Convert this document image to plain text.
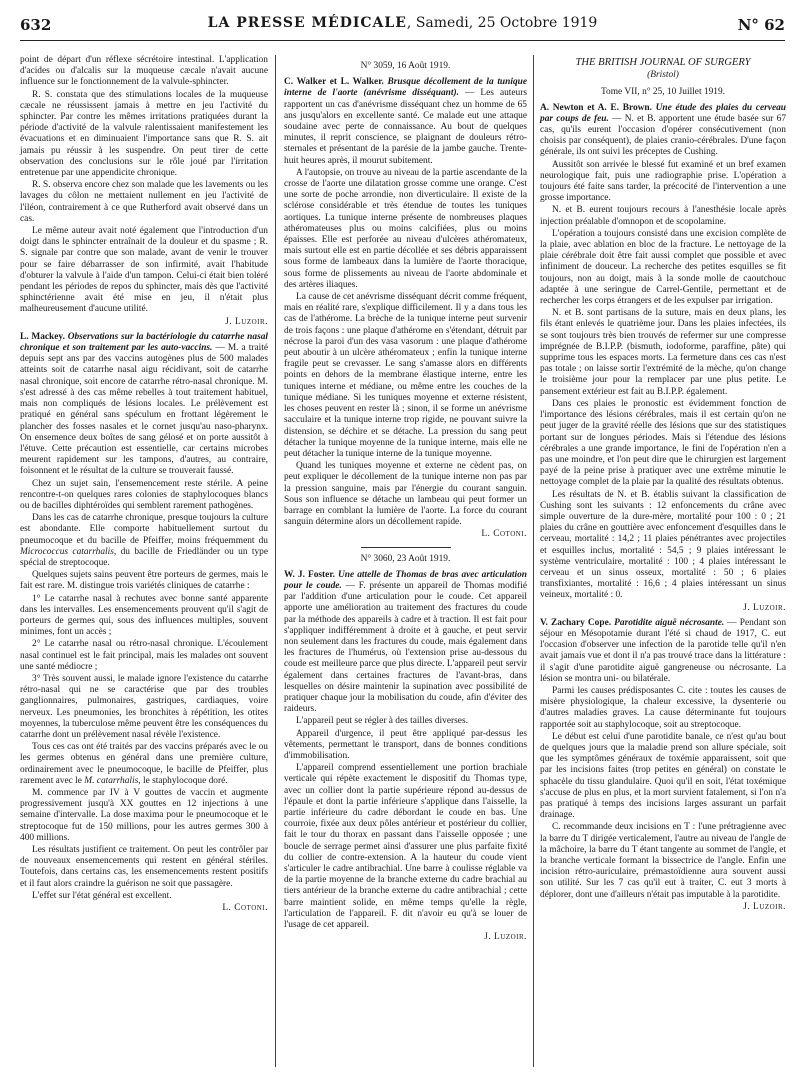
632	LA PRESSE MÉDICALE, Samedi, 25 Octobre 1919	N° 62

point de départ d'un réflexe sécrétoire intestinal. L'application d'acides ou d'alcalis sur la muqueuse cæcale n'avait aucune influence sur le fonctionnement de la valvule-sphincter.

R. S. constata que des stimulations locales de la muqueuse cæcale ne réussissent jamais à mettre en jeu l'activité du sphincter. Par contre les mêmes irritations pratiquées durant la période d'activité de la valvule ralentissaient manifestement les évacuations et en diminuaient l'importance sans que R. S. ait jamais pu réussir à les suspendre. On peut tirer de cette observation des conclusions sur le rôle joué par l'irritation entretenue par une appendicite chronique.

R. S. observa encore chez son malade que les lavements ou les lavages du côlon ne mettaient nullement en jeu l'activité de l'iléon, contrairement à ce que Rutherford avait observé dans un cas.

Le même auteur avait noté également que l'introduction d'un doigt dans le sphincter entraînait de la douleur et du spasme ; R. S. signale par contre que son malade, avant de venir le trouver pour se faire débarrasser de son infirmité, avait l'habitude d'obturer la valvule à l'aide d'un tampon. Celui-ci était bien toléré pendant les périodes de repos du sphincter, mais dès que l'activité sphinctérienne avait été mise en jeu, il n'était plus malheureusement d'aucune utilité.

J. Luzoir.

L. Mackey. Observations sur la bactériologie du catarrhe nasal chronique et son traitement par les auto-vaccins. — M. a traité depuis sept ans par des vaccins autogènes plus de 500 malades atteints soit de catarrhe nasal aigu récidivant, soit de catarrhe nasal chronique, soit encore de catarrhe rétro-nasal chronique. M. s'est adressé à des cas même rebelles à tout traitement habituel, mais non compliqués de lésions locales. Le prélèvement est pratiqué en général sans spéculum en frottant légèrement le plancher des fosses nasales et le cornet jusqu'au naso-pharynx. On ensemence deux boîtes de sang gélosé et on porte aussitôt à l'étuve. Cette précaution est essentielle, car certains microbes meurent rapidement sur les tampons, d'autres, au contraire, foisonnent et le résultat de la culture se trouverait faussé.

Chez un sujet sain, l'ensemencement reste stérile. A peine rencontre-t-on quelques rares colonies de staphylocoques blancs ou de bacilles diphtéroïdes qui semblent rarement pathogènes.

Dans les cas de catarrhe chronique, presque toujours la culture est abondante. Elle comporte habituellement surtout du pneumocoque et du bacille de Pfeiffer, moins fréquemment du Micrococcus catarrhalis, du bacille de Friedländer ou un type spécial de streptocoque.

Quelques sujets sains peuvent être porteurs de germes, mais le fait est rare. M. distingue trois variétés cliniques de catarrhe :

1° Le catarrhe nasal à rechutes avec bonne santé apparente dans les intervalles. Les ensemencements prouvent qu'il s'agit de porteurs de germes qui, sous des influences multiples, souvent minimes, font un accès ;

2° Le catarrhe nasal ou rétro-nasal chronique. L'écoulement nasal continuel est le fait principal, mais les malades ont souvent une santé médiocre ;

3° Très souvent aussi, le malade ignore l'existence du catarrhe rétro-nasal qui ne se caractérise que par des troubles ganglionnaires, pulmonaires, gastriques, cardiaques, voire nerveux. Les pneumonies, les bronchites à répétition, les otites moyennes, la tuberculose même peuvent être les conséquences du catarrhe dont un prélèvement nasal révèle l'existence.

Tous ces cas ont été traités par des vaccins préparés avec le ou les germes obtenus en général dans une première culture, ordinairement avec le pneumocoque, le bacille de Pfeiffer, plus rarement avec le M. catarrhalis, le staphylocoque doré.

M. commence par IV à V gouttes de vaccin et augmente progressivement jusqu'à XX gouttes en 12 injections à une semaine d'intervalle. La dose maxima pour le pneumocoque et le streptocoque fut de 150 millions, pour les autres germes 300 à 400 millions.

Les résultats justifient ce traitement. On peut les contrôler par de nouveaux ensemencements qui restent en général stériles. Toutefois, dans certains cas, les ensemencements restent positifs et il faut alors craindre la guérison ne soit que passagère.

L'effet sur l'état général est excellent.

L. Cotoni.
N° 3059, 16 Août 1919.

C. Walker et L. Walker. Brusque décollement de la tunique interne de l'aorte (anévrisme disséquant). — Les auteurs rapportent un cas d'anévrisme disséquant chez un homme de 65 ans jusqu'alors en excellente santé. Ce malade eut une attaque soudaine avec perte de connaissance. Au bout de quelques minutes, il reprit conscience, se plaignant de douleurs rétro-sternales et présentant de la parésie de la jambe gauche. Trente-huit heures après, il mourut subitement.

A l'autopsie, on trouve au niveau de la partie ascendante de la crosse de l'aorte une dilatation grosse comme une orange. C'est une sorte de poche arrondie, non diverticulaire. Il existe de la sclérose considérable et très étendue de toutes les tuniques aortiques. La tunique interne présente de nombreuses plaques athéromateuses plus ou moins calcifiées, plus ou moins épaisses. Elle est perforée au niveau d'ulcères athéromateux, mais surtout elle est en partie décollée et ses débris apparaissent sous forme de lambeaux dans la lumière de l'aorte thoracique, sous forme de plissements au niveau de l'aorte abdominale et des artères iliaques.

La cause de cet anévrisme disséquant décrit comme fréquent, mais en réalité rare, s'explique difficilement. Il y a dans tous les cas de l'athérome. La brèche de la tunique interne peut survenir de trois façons : une plaque d'athérome en s'étendant, détruit par nécrose la paroi d'un des vasa vasorum : une plaque d'athérome peut aboutir à un ulcère athéromateux ; enfin la tunique interne fragile peut se crevasser. Le sang s'amasse alors en différents points en dehors de la membrane élastique interne, entre les tuniques interne et médiane, ou même entre les couches de la tunique médiane. Si les tuniques moyenne et externe résistent, les choses peuvent en rester là ; sinon, il se forme un anévrisme sacculaire et la tunique interne trop rigide, ne pouvant suivre la distension, se déchire et se détache. La pression du sang peut détacher la tunique moyenne de la tunique interne, mais elle ne peut détacher la tunique interne de la tunique moyenne.

Quand les tuniques moyenne et externe ne cèdent pas, on peut expliquer le décollement de la tunique interne non pas par la pression sanguine, mais par l'énergie du courant sanguin. Sous son influence se détache un lambeau qui peut former un barrage en comblant la lumière de l'aorte. La force du courant sanguin détermine alors un décollement rapide.

L. Cotoni.
N° 3060, 23 Août 1919.

W. J. Foster. Une attelle de Thomas de bras avec articulation pour le coude. — F. présente un appareil de Thomas modifié par l'addition d'une articulation pour le coude. Cet appareil apporte une amélioration au traitement des fractures du coude par la méthode des appareils à cadre et à traction. Il est fait pour s'appliquer indifféremment à droite et à gauche, et peut servir non seulement dans les fractures du coude, mais également dans les fractures de l'humérus, où l'extension prise au-dessous du coude est meilleure parce que plus directe. L'appareil peut servir également dans certaines fractures de l'avant-bras, dans lesquelles on désire maintenir la supination avec possibilité de pratiquer chaque jour la mobilisation du coude, afin d'éviter des raideurs.

L'appareil peut se régler à des tailles diverses.

Appareil d'urgence, il peut être appliqué par-dessus les vêtements, permettant le transport, dans de bonnes conditions d'immobilisation.

L'appareil comprend essentiellement une portion brachiale verticale qui répète exactement le dispositif du Thomas type, avec un collier dont la partie supérieure répond au-dessus de l'épaule et dont la partie inférieure s'applique dans l'aisselle, la partie inférieure du cadre débordant le coude en bas. Une courroie, fixée aux deux pôles antérieur et postérieur du collier, fait le tour du thorax en passant dans l'aisselle opposée ; une boucle de serrage permet ainsi d'assurer une plus parfaite fixité du collier de contre-extension. A la hauteur du coude vient s'articuler le cadre antibrachial. Une barre à coulisse réglable va de la partie moyenne de la branche externe du cadre brachial au tiers antérieur de la branche externe du cadre antibrachial ; cette barre maintient solide, en même temps qu'elle la règle, l'articulation de l'appareil. F. dit n'avoir eu qu'à se louer de l'usage de cet appareil.

J. Luzoir.
THE BRITISH JOURNAL OF SURGERY
(Bristol)
Tome VII, n° 25, 10 Juillet 1919.

A. Newton et A. E. Brown. Une étude des plaies du cerveau par coups de feu. — N. et B. apportent une étude basée sur 67 cas, qu'ils eurent l'occasion d'opérer consécutivement (non choisis par conséquent), de plaies cranio-cérébrales. D'une façon générale, ils ont suivi les préceptes de Cushing.

Aussitôt son arrivée le blessé fut examiné et un bref examen neurologique fait, puis une radiographie prise. L'opération a toujours été faite sans tarder, la précocité de l'intervention a une grosse importance.

N. et B. eurent toujours recours à l'anesthésie locale après injection préalable d'omnopon et de scopolamine.

L'opération a toujours consisté dans une excision complète de la plaie, avec ablation en bloc de la fracture. Le nettoyage de la plaie cérébrale doit être fait aussi complet que possible et avec infiniment de douceur. La recherche des petites esquilles se fit toujours, non au doigt, mais à la sonde molle de caoutchouc adaptée à une seringue de Carrel-Gentile, permettant et de rechercher les corps étrangers et de les expulser par irrigation.

N. et B. sont partisans de la suture, mais en deux plans, les fils étant enlevés le quatrième jour. Dans les plaies infectées, ils se sont toujours très bien trouvés de refermer sur une compresse imprégnée de B.I.P.P. (bismuth, iodoforme, paraffine, pâte) qui supprime tous les espaces morts. La fermeture dans ces cas n'est pas totale ; on laisse sortir l'extrémité de la mèche, qu'on change le troisième jour pour la remplacer par une plus petite. Le pansement extérieur est fait au B.I.P.P. également.

Dans ces plaies le pronostic est évidemment fonction de l'importance des lésions cérébrales, mais il est certain qu'on ne peut juger de la gravité réelle des lésions que sur des statistiques portant sur de longues périodes. Mais si l'étendue des lésions cérébrales a une grande importance, le fini de l'opération n'en a pas une moindre, et l'on peut dire que le chirurgien est largement payé de la peine prise à pratiquer avec une extrême minutie le nettoyage complet de la plaie par la qualité des résultats obtenus.

Les résultats de N. et B. établis suivant la classification de Cushing sont les suivants : 12 enfoncements du crâne avec simple ouverture de la dure-mère, mortalité pour 100 : 0 ; 21 plaies du crâne en gouttière avec enfoncement d'esquilles dans le cerveau, mortalité : 14,2 ; 11 plaies pénétrantes avec projectiles et esquilles inclus, mortalité : 54,5 ; 9 plaies intéressant le système ventriculaire, mortalité : 100 ; 4 plaies intéressant le cerveau et un sinus osseux, mortalité : 50 ; 6 plaies transfixiantes, mortalité : 16,6 ; 4 plaies intéressant un sinus veineux, mortalité : 0.

J. Luzoir.

V. Zachary Cope. Parotidite aiguë nécrosante. — Pendant son séjour en Mésopotamie durant l'été si chaud de 1917, C. eut l'occasion d'observer une infection de la parotide telle qu'il n'en avait jamais vue et dont il n'a pas trouvé trace dans la littérature : il s'agit d'une parotidite aiguë gangreneuse ou nécrosante. La lésion se montra uni- ou bilatérale.

Parmi les causes prédisposantes C. cite : toutes les causes de misère physiologique, la chaleur excessive, la dysenterie ou d'autres maladies graves. La cause déterminante fut toujours rapportée soit au staphylocoque, soit au streptocoque.

Le début est celui d'une parotidite banale, ce n'est qu'au bout de quelques jours que la maladie prend son allure spéciale, soit que les symptômes généraux de toxémie apparaissent, soit que par les incisions faites (trop petites en général) on constate le sphacèle du tissu glandulaire. Quoi qu'il en soit, l'état toxémique s'accuse de plus en plus, et la mort survient fatalement, si l'on n'a pas pratiqué à temps des incisions larges assurant un parfait drainage.

C. recommande deux incisions en T : l'une prétragienne avec la barre du T dirigée verticalement, l'autre au niveau de l'angle de la mâchoire, la barre du T étant tangente au sommet de l'angle, et la branche verticale formant la bissectrice de l'angle. Enfin une incision rétro-auriculaire, prémastoïdienne aura souvent aussi son utilité. Sur les 7 cas qu'il eut à traiter, C. eut 3 morts à déplorer, dont une d'ailleurs n'était pas imputable à la parotidite.

J. Luzoir.
